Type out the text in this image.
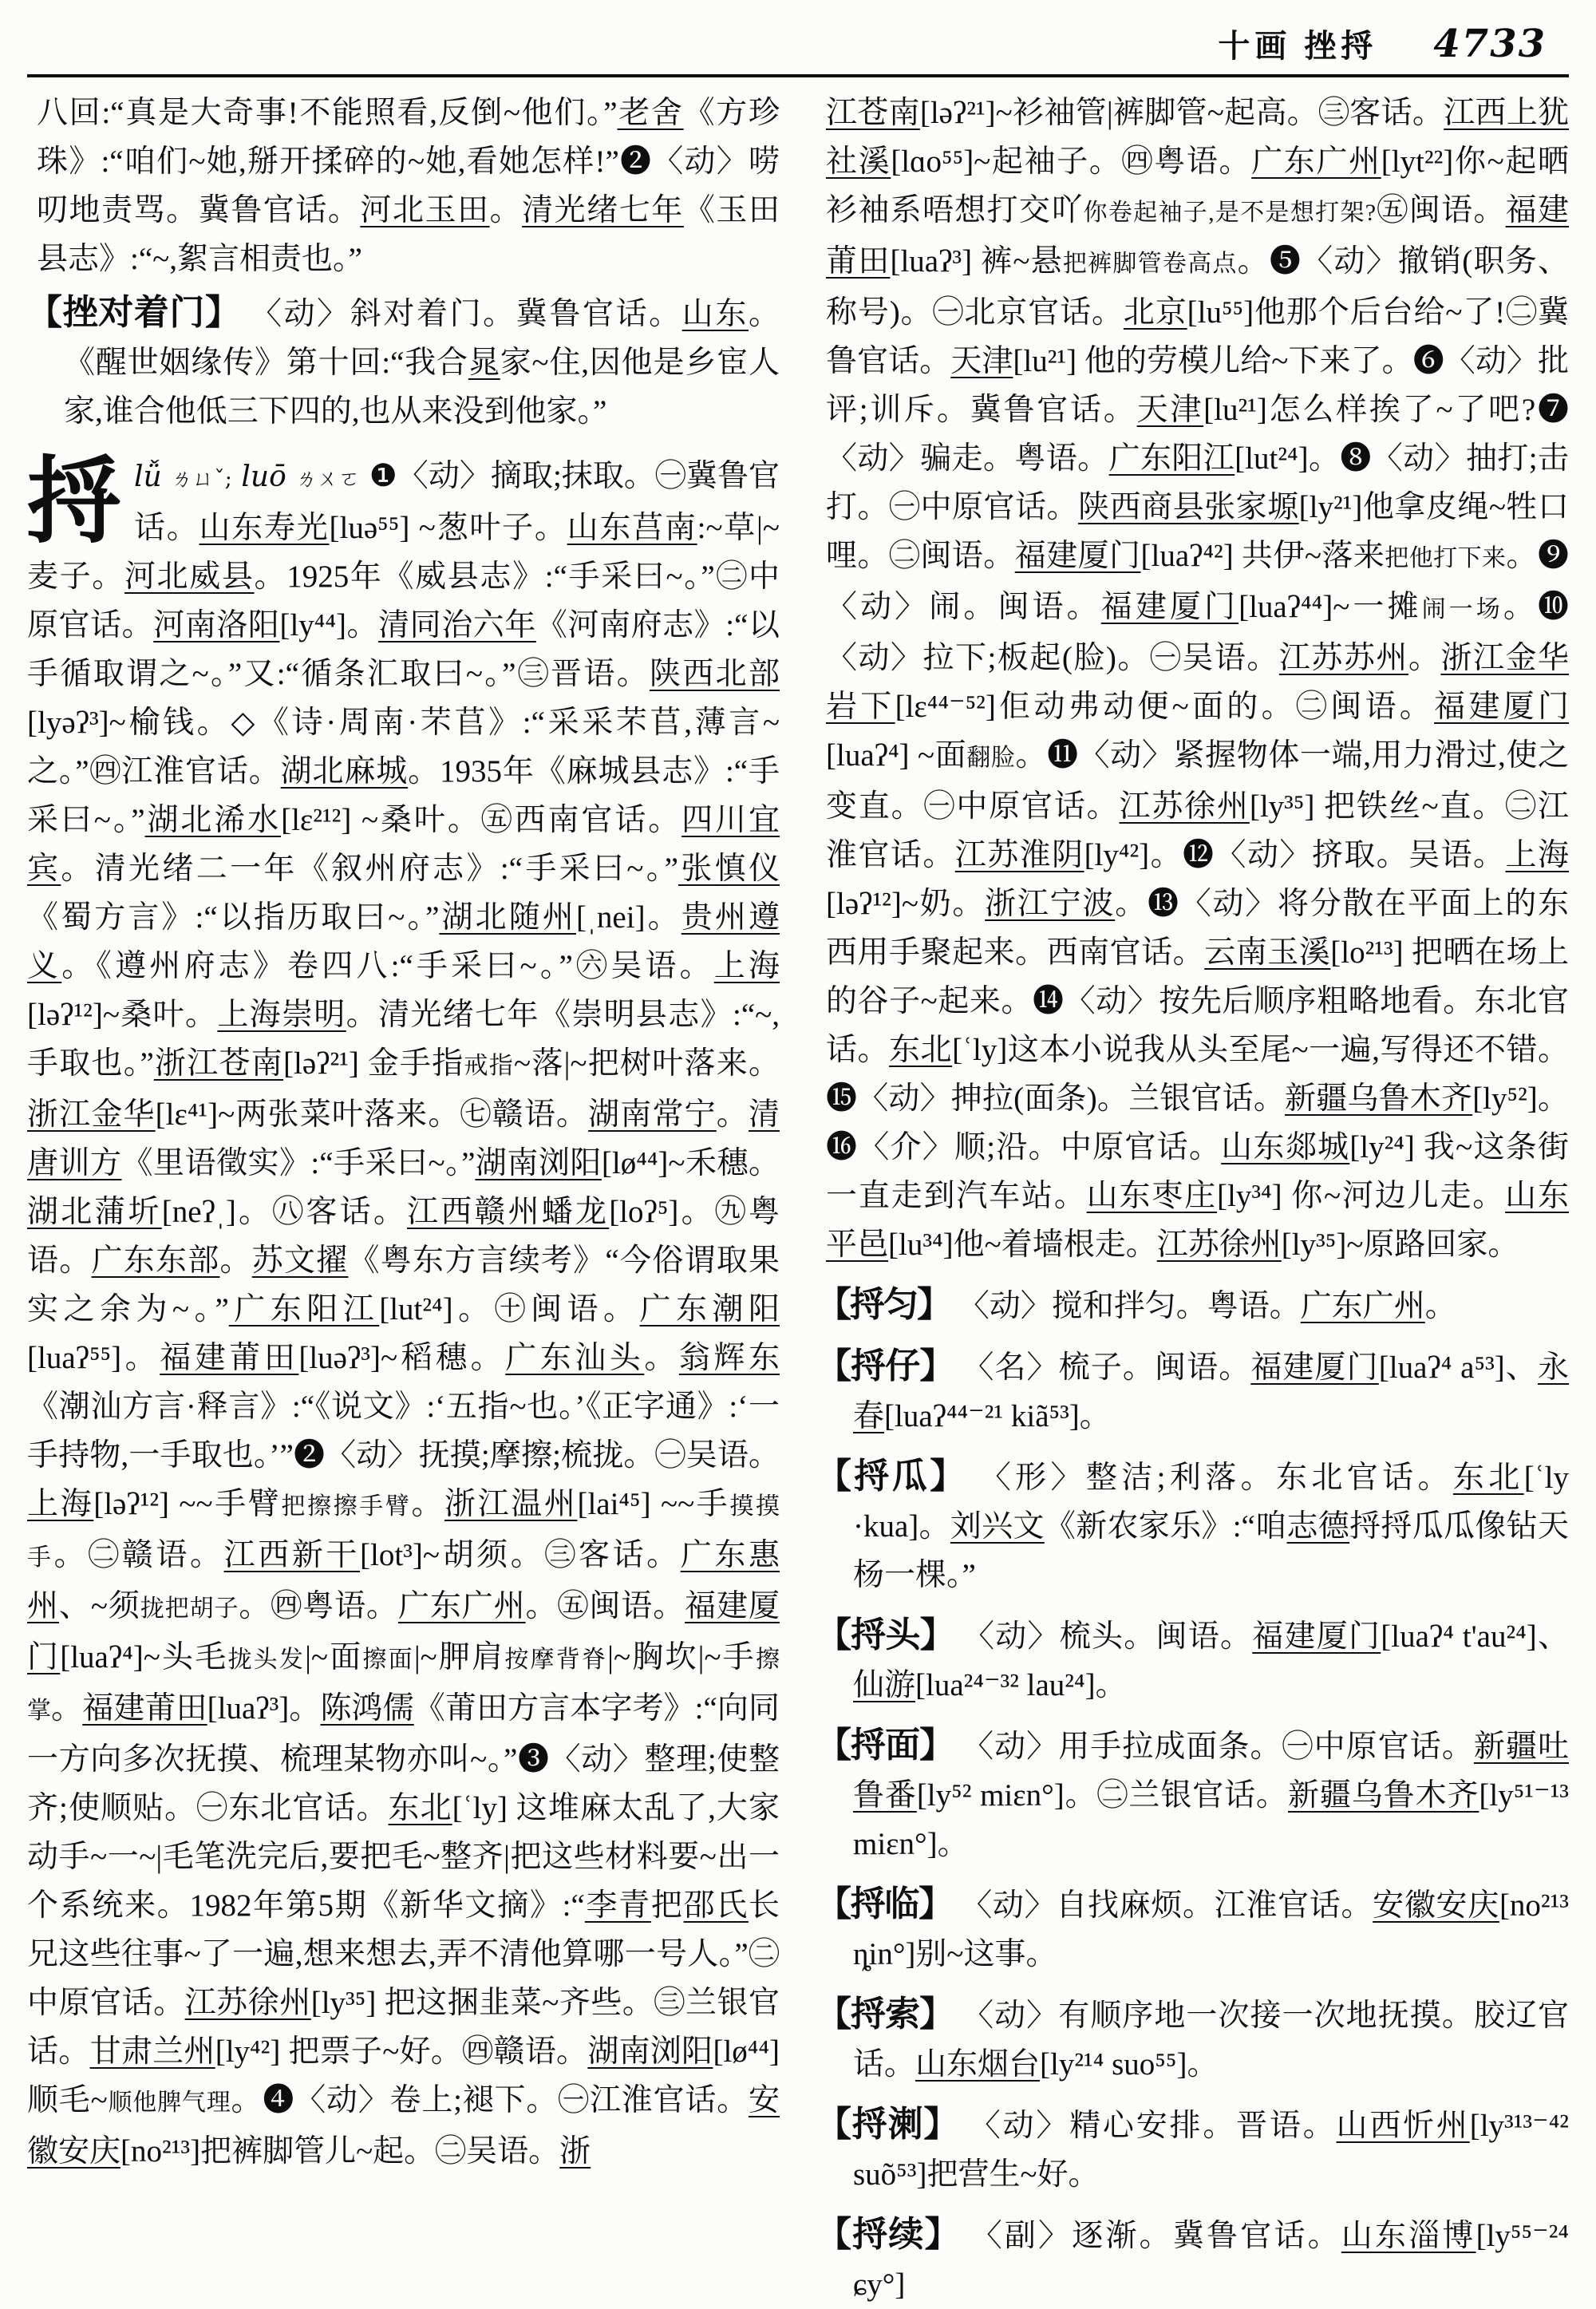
十画 挫捋 4733

八回:“真是大奇事!不能照看,反倒~他们。”老舍《方珍珠》:“咱们~她,掰开揉碎的~她,看她怎样!”❷〈动〉唠叨地责骂。冀鲁官话。河北玉田。清光绪七年《玉田县志》:“~,絮言相责也。”

【挫对着门】 〈动〉斜对着门。冀鲁官话。山东。《醒世姻缘传》第十回:“我合晁家~住,因他是乡宦人家,谁合他低三下四的,也从来没到他家。”

捋 lǚ ㄌㄩˇ; luō ㄌㄨㄛ ❶〈动〉摘取;抹取。㊀冀鲁官话。山东寿光[luə⁵⁵] ~葱叶子。山东莒南:~草|~麦子。河北威县。1925年《威县志》:“手采曰~。”㊁中原官话。河南洛阳[ly⁴⁴]。清同治六年《河南府志》:“以手循取谓之~。”又:“循条汇取曰~。”㊂晋语。陕西北部[lyəʔ³]~榆钱。◇《诗·周南·芣苢》:“采采芣苢,薄言~之。”㊃江淮官话。湖北麻城。1935年《麻城县志》:“手采曰~。”湖北浠水[lɛ²¹²] ~桑叶。㊄西南官话。四川宜宾。清光绪二一年《叙州府志》:“手采曰~。”张慎仪《蜀方言》:“以指历取曰~。”湖北随州[ˌnei]。贵州遵义。《遵州府志》卷四八:“手采曰~。”㊅吴语。上海[ləʔ¹²]~桑叶。上海崇明。清光绪七年《崇明县志》:“~,手取也。”浙江苍南[ləʔ²¹] 金手指戒指~落|~把树叶落来。浙江金华[lɛ⁴¹]~两张菜叶落来。㊆赣语。湖南常宁。清唐训方《里语徵实》:“手采曰~。”湖南浏阳[lø⁴⁴]~禾穗。湖北蒲圻[neʔˌ]。㊇客话。江西赣州蟠龙[loʔ⁵]。㊈粤语。广东东部。苏文擢《粤东方言续考》“今俗谓取果实之余为~。”广东阳江[lut²⁴]。㊉闽语。广东潮阳[luaʔ⁵⁵]。福建莆田[luəʔ³]~稻穗。广东汕头。翁辉东《潮汕方言·释言》:“《说文》:‘五指~也。’《正字通》:‘一手持物,一手取也。’”❷〈动〉抚摸;摩擦;梳拢。㊀吴语。上海[ləʔ¹²] ~~手臂把擦擦手臂。浙江温州[lai⁴⁵] ~~手摸摸手。㊁赣语。江西新干[lot³]~胡须。㊂客话。广东惠州、~须拢把胡子。㊃粤语。广东广州。㊄闽语。福建厦门[luaʔ⁴]~头毛拢头发|~面擦面|~胛肩按摩背脊|~胸坎|~手擦掌。福建莆田[luaʔ³]。陈鸿儒《莆田方言本字考》:“向同一方向多次抚摸、梳理某物亦叫~。”❸〈动〉整理;使整齐;使顺贴。㊀东北官话。东北[ʿly] 这堆麻太乱了,大家动手~一~|毛笔洗完后,要把毛~整齐|把这些材料要~出一个系统来。1982年第5期《新华文摘》:“李青把邵氏长兄这些往事~了一遍,想来想去,弄不清他算哪一号人。”㊁中原官话。江苏徐州[ly³⁵] 把这捆韭菜~齐些。㊂兰银官话。甘肃兰州[ly⁴²] 把票子~好。㊃赣语。湖南浏阳[lø⁴⁴]顺毛~顺他脾气理。❹〈动〉卷上;褪下。㊀江淮官话。安徽安庆[no²¹³]把裤脚管儿~起。㊁吴语。浙

江苍南[ləʔ²¹]~衫袖管|裤脚管~起高。㊂客话。江西上犹社溪[lɑo⁵⁵]~起袖子。㊃粤语。广东广州[lyt²²]你~起晒衫袖系唔想打交吖你卷起袖子,是不是想打架?㊄闽语。福建莆田[luaʔ³] 裤~悬把裤脚管卷高点。❺〈动〉撤销(职务、称号)。㊀北京官话。北京[lu⁵⁵]他那个后台给~了!㊁冀鲁官话。天津[lu²¹] 他的劳模儿给~下来了。❻〈动〉批评;训斥。冀鲁官话。天津[lu²¹]怎么样挨了~了吧?❼〈动〉骗走。粤语。广东阳江[lut²⁴]。❽〈动〉抽打;击打。㊀中原官话。陕西商县张家塬[ly²¹]他拿皮绳~牲口哩。㊁闽语。福建厦门[luaʔ⁴²] 共伊~落来把他打下来。❾〈动〉闹。闽语。福建厦门[luaʔ⁴⁴]~一摊闹一场。❿〈动〉拉下;板起(脸)。㊀吴语。江苏苏州。浙江金华岩下[lɛ⁴⁴⁻⁵²]佢动弗动便~面的。㊁闽语。福建厦门[luaʔ⁴] ~面翻脸。⓫〈动〉紧握物体一端,用力滑过,使之变直。㊀中原官话。江苏徐州[ly³⁵] 把铁丝~直。㊁江淮官话。江苏淮阴[ly⁴²]。⓬〈动〉挤取。吴语。上海[ləʔ¹²]~奶。浙江宁波。⓭〈动〉将分散在平面上的东西用手聚起来。西南官话。云南玉溪[lo²¹³] 把晒在场上的谷子~起来。⓮〈动〉按先后顺序粗略地看。东北官话。东北[ʿly]这本小说我从头至尾~一遍,写得还不错。⓯〈动〉抻拉(面条)。兰银官话。新疆乌鲁木齐[ly⁵²]。⓰〈介〉顺;沿。中原官话。山东郯城[ly²⁴] 我~这条街一直走到汽车站。山东枣庄[ly³⁴] 你~河边儿走。山东平邑[lu³⁴]他~着墙根走。江苏徐州[ly³⁵]~原路回家。

【捋匀】 〈动〉搅和拌匀。粤语。广东广州。

【捋仔】 〈名〉梳子。闽语。福建厦门[luaʔ⁴ a⁵³]、永春[luaʔ⁴⁴⁻²¹ kiã⁵³]。

【捋瓜】 〈形〉整洁;利落。东北官话。东北[ʿly ·kua]。刘兴文《新农家乐》:“咱志德捋捋瓜瓜像钻天杨一棵。”

【捋头】 〈动〉梳头。闽语。福建厦门[luaʔ⁴ t'au²⁴]、仙游[lua²⁴⁻³² lau²⁴]。

【捋面】 〈动〉用手拉成面条。㊀中原官话。新疆吐鲁番[ly⁵² miɛn°]。㊁兰银官话。新疆乌鲁木齐[ly⁵¹⁻¹³ miɛn°]。

【捋临】 〈动〉自找麻烦。江淮官话。安徽安庆[no²¹³ ȵin°]别~这事。

【捋索】 〈动〉有顺序地一次接一次地抚摸。胶辽官话。山东烟台[ly²¹⁴ suo⁵⁵]。

【捋溂】 〈动〉精心安排。晋语。山西忻州[ly³¹³⁻⁴² suõ⁵³]把营生~好。

【捋续】 〈副〉逐渐。冀鲁官话。山东淄博[ly⁵⁵⁻²⁴ ɕy°]
